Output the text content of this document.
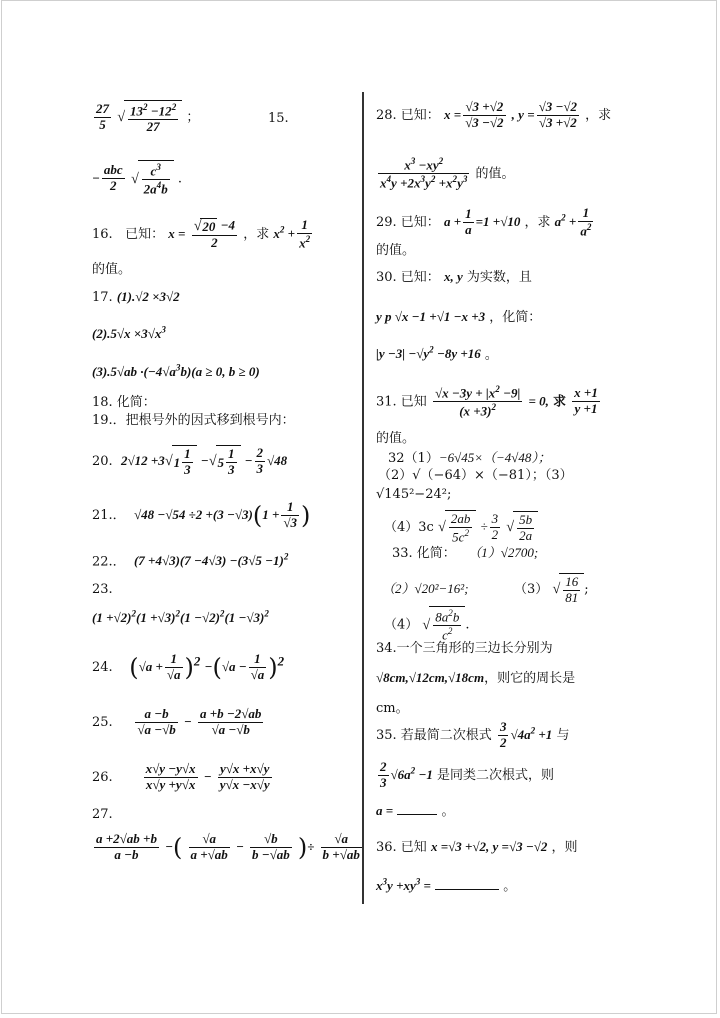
$\frac{27}{5}$
√ $\frac{13^2 -12^2}{27}$ ；	15.
− $\frac{\text{abc}}{2}$
√ $\frac{c^3}{2a^4b}$ .
16. 已知： $x = \frac{√ 20 -4}{2}$ ，求 $x^2 + \frac{1}{x^2}$
的值。
17. (1).√2 ×3√2
$(2).5√x \times 3√x^3$
$(3).5√ab \cdot(-4√a^3b)(a \ge 0$, b ≥ 0)
18. 化简：
19.．把根号外的因式移到根号内：
20. 2√12 +3 √ $1 \frac{1}{3}$ − √ $5 \frac{1}{3} - \frac{2}{3} √48$
21.． $√48 -√54 \div 2 +(3 -√3)(1 + \frac{1}{√3}$ )
22.． $(7 +4√3)(7 -4√3) -(3√5 -1)^2$
23.
$(1 +√2)^2(1 +√3)^2(1 -√2)^2(1 -√3)^2$
24. $(√a + \frac{1}{√a} )^2 -(√a - \frac{1}{√a} )^2$
25. $\frac{a -b}{√a -√b} - \frac{a +b -2√ab}{√a -√b}$
26. $\frac{x√y -y√x}{x√y +y√x} - \frac{y√x +x√y}{y√x -x√y}$
27.
$\frac{a +2√ab +b}{a -b}$ −( $\frac{√a}{a +√ab} - \frac{√b}{b -√ab}$ )÷ $\frac{√a}{b +√ab}$
28. 已知： $x = \frac{√3 +√2}{√3 -√2}$ , $y = \frac{√3 -√2}{√3 +√2}$ ，求
$\frac{x^3 -xy^2}{x^4y +2x^3y^2 +x^2y^3}$ 的值。
29. 已知： $a + \frac{1}{a} =1 +√10$ ，求 $a^2 + \frac{1}{a^2}$
的值。
30. 已知： x, y 为实数，且
y p √x −1 +√1 −x +3 ，化简：
$|y -3| -√y^2 -8y +16$ 。
31. 已知 $\frac{√x -3y + |x^2 -9|}{(x +3)^2} = 0$, 求 $\frac{x +1}{y +1}$
的值。
32（1）−6√45×（−4√48）；
（2）√（−64）×（−81）；（3）
√145²−24²;
（4）3c √ $\frac{2ab}{5c^2} \div \frac{3}{2}$
√ $\frac{5b}{2a}$
33. 化简： （1）√2700;
（2）√20²−16²;	（3） √ $\frac{16}{81}$ ;
（4） √ $\frac{8a^2b}{c^2}$ .
34.一个三角形的三边长分别为
√8cm,√12cm,√18cm，则它的周长是
cm。
35. 若最简二次根式 $\frac{3}{2} √4a^2 +1$ 与
$\frac{2}{3} √6a^2 -1$ 是同类二次根式，则
a =	。
36. 已知 x =√3 +√2, y =√3 −√2 ，则
$x^3y +xy^3$ =	。
